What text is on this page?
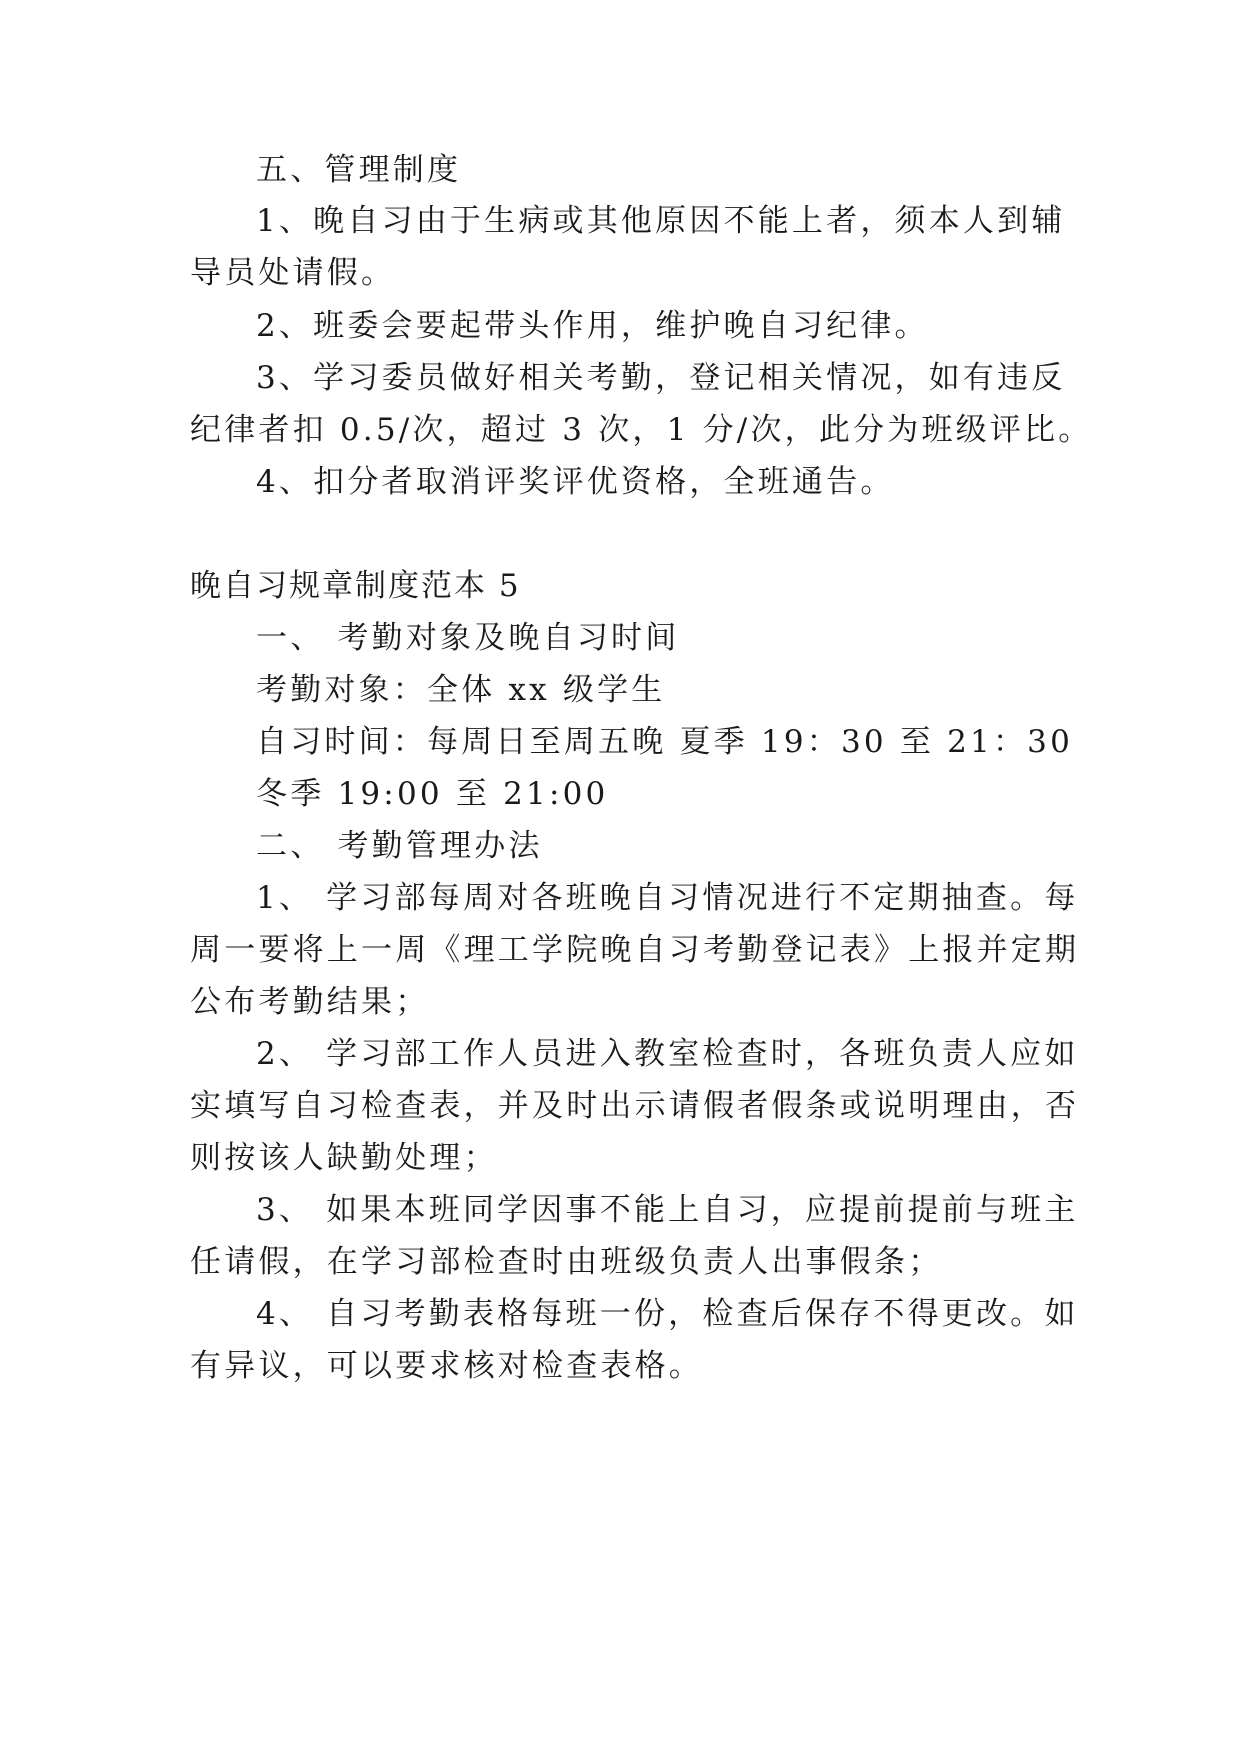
五、管理制度
1、晚自习由于生病或其他原因不能上者，须本人到辅
导员处请假。
2、班委会要起带头作用，维护晚自习纪律。
3、学习委员做好相关考勤，登记相关情况，如有违反
纪律者扣 0.5/次，超过 3 次，1 分/次，此分为班级评比。
4、扣分者取消评奖评优资格，全班通告。
晚自习规章制度范本 5
一、 考勤对象及晚自习时间
考勤对象：全体 xx 级学生
自习时间：每周日至周五晚 夏季 19：30 至 21：30
冬季 19:00 至 21:00
二、 考勤管理办法
1、 学习部每周对各班晚自习情况进行不定期抽查。每
周一要将上一周《理工学院晚自习考勤登记表》上报并定期
公布考勤结果；
2、 学习部工作人员进入教室检查时，各班负责人应如
实填写自习检查表，并及时出示请假者假条或说明理由，否
则按该人缺勤处理；
3、 如果本班同学因事不能上自习，应提前提前与班主
任请假，在学习部检查时由班级负责人出事假条；
4、 自习考勤表格每班一份，检查后保存不得更改。如
有异议，可以要求核对检查表格。
